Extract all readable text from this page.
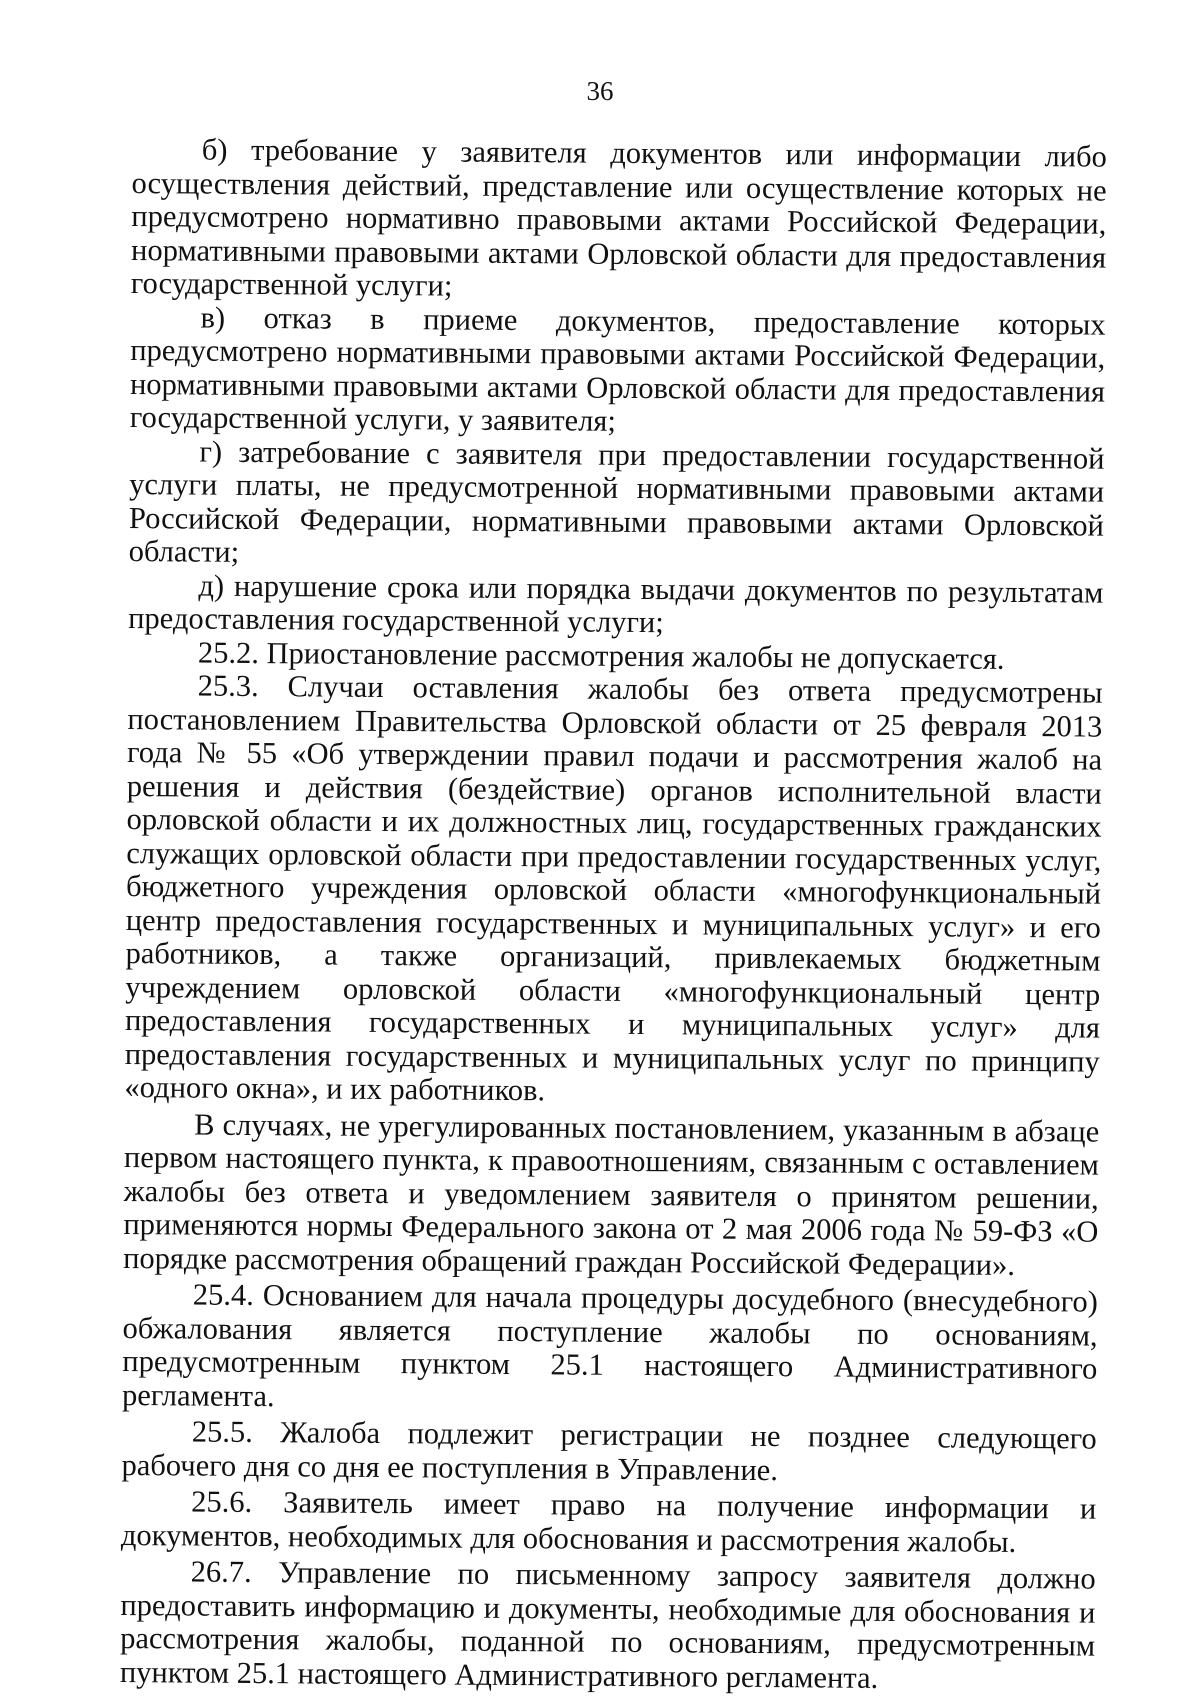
36

б) требование у заявителя документов или информации либо осуществления действий, представление или осуществление которых не предусмотрено нормативно правовыми актами Российской Федерации, нормативными правовыми актами Орловской области для предоставления государственной услуги;

в) отказ в приеме документов, предоставление которых предусмотрено нормативными правовыми актами Российской Федерации, нормативными правовыми актами Орловской области для предоставления государственной услуги, у заявителя;

г) затребование с заявителя при предоставлении государственной услуги платы, не предусмотренной нормативными правовыми актами Российской Федерации, нормативными правовыми актами Орловской области;

д) нарушение срока или порядка выдачи документов по результатам предоставления государственной услуги;

25.2. Приостановление рассмотрения жалобы не допускается.

25.3. Случаи оставления жалобы без ответа предусмотрены постановлением Правительства Орловской области от 25 февраля 2013 года № 55 «Об утверждении правил подачи и рассмотрения жалоб на решения и действия (бездействие) органов исполнительной власти орловской области и их должностных лиц, государственных гражданских служащих орловской области при предоставлении государственных услуг, бюджетного учреждения орловской области «многофункциональный центр предоставления государственных и муниципальных услуг» и его работников, а также организаций, привлекаемых бюджетным учреждением орловской области «многофункциональный центр предоставления государственных и муниципальных услуг» для предоставления государственных и муниципальных услуг по принципу «одного окна», и их работников.

В случаях, не урегулированных постановлением, указанным в абзаце первом настоящего пункта, к правоотношениям, связанным с оставлением жалобы без ответа и уведомлением заявителя о принятом решении, применяются нормы Федерального закона от 2 мая 2006 года № 59-ФЗ «О порядке рассмотрения обращений граждан Российской Федерации».

25.4. Основанием для начала процедуры досудебного (внесудебного) обжалования является поступление жалобы по основаниям, предусмотренным пунктом 25.1 настоящего Административного регламента.

25.5. Жалоба подлежит регистрации не позднее следующего рабочего дня со дня ее поступления в Управление.

25.6. Заявитель имеет право на получение информации и документов, необходимых для обоснования и рассмотрения жалобы.

26.7. Управление по письменному запросу заявителя должно предоставить информацию и документы, необходимые для обоснования и рассмотрения жалобы, поданной по основаниям, предусмотренным пунктом 25.1 настоящего Административного регламента.
